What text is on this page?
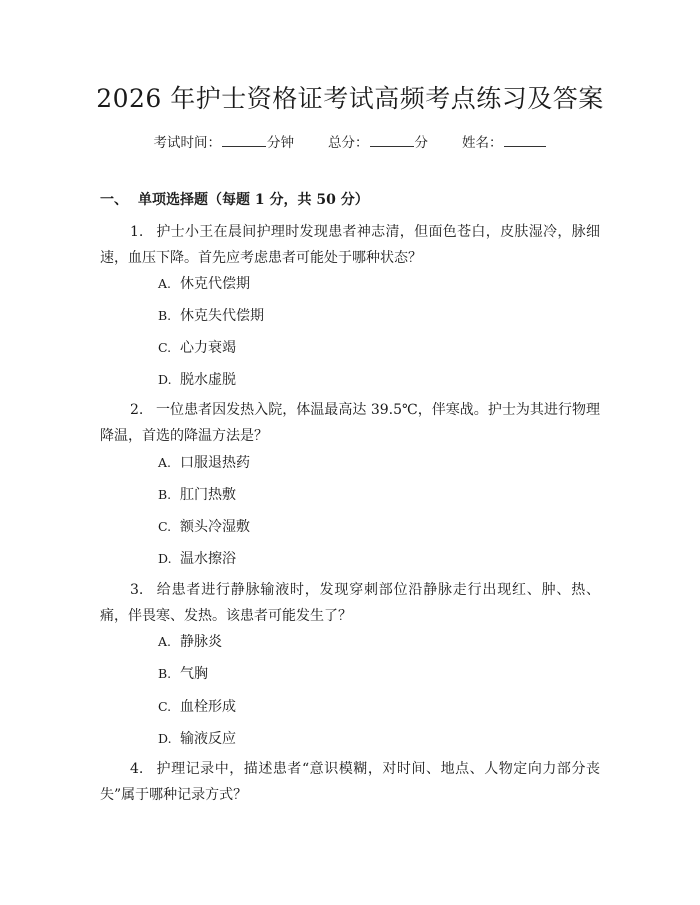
2026 年护士资格证考试高频考点练习及答案
考试时间：	分钟	总分：	分	姓名：
一、 单项选择题（每题 1 分，共 50 分）
1. 护士小王在晨间护理时发现患者神志清，但面色苍白，皮肤湿冷，脉细速，血压下降。首先应考虑患者可能处于哪种状态？
A. 休克代偿期
B. 休克失代偿期
C. 心力衰竭
D. 脱水虚脱
2. 一位患者因发热入院，体温最高达 39.5℃，伴寒战。护士为其进行物理降温，首选的降温方法是？
A. 口服退热药
B. 肛门热敷
C. 额头冷湿敷
D. 温水擦浴
3. 给患者进行静脉输液时，发现穿刺部位沿静脉走行出现红、肿、热、痛，伴畏寒、发热。该患者可能发生了？
A. 静脉炎
B. 气胸
C. 血栓形成
D. 输液反应
4. 护理记录中，描述患者“意识模糊，对时间、地点、人物定向力部分丧失”属于哪种记录方式？
